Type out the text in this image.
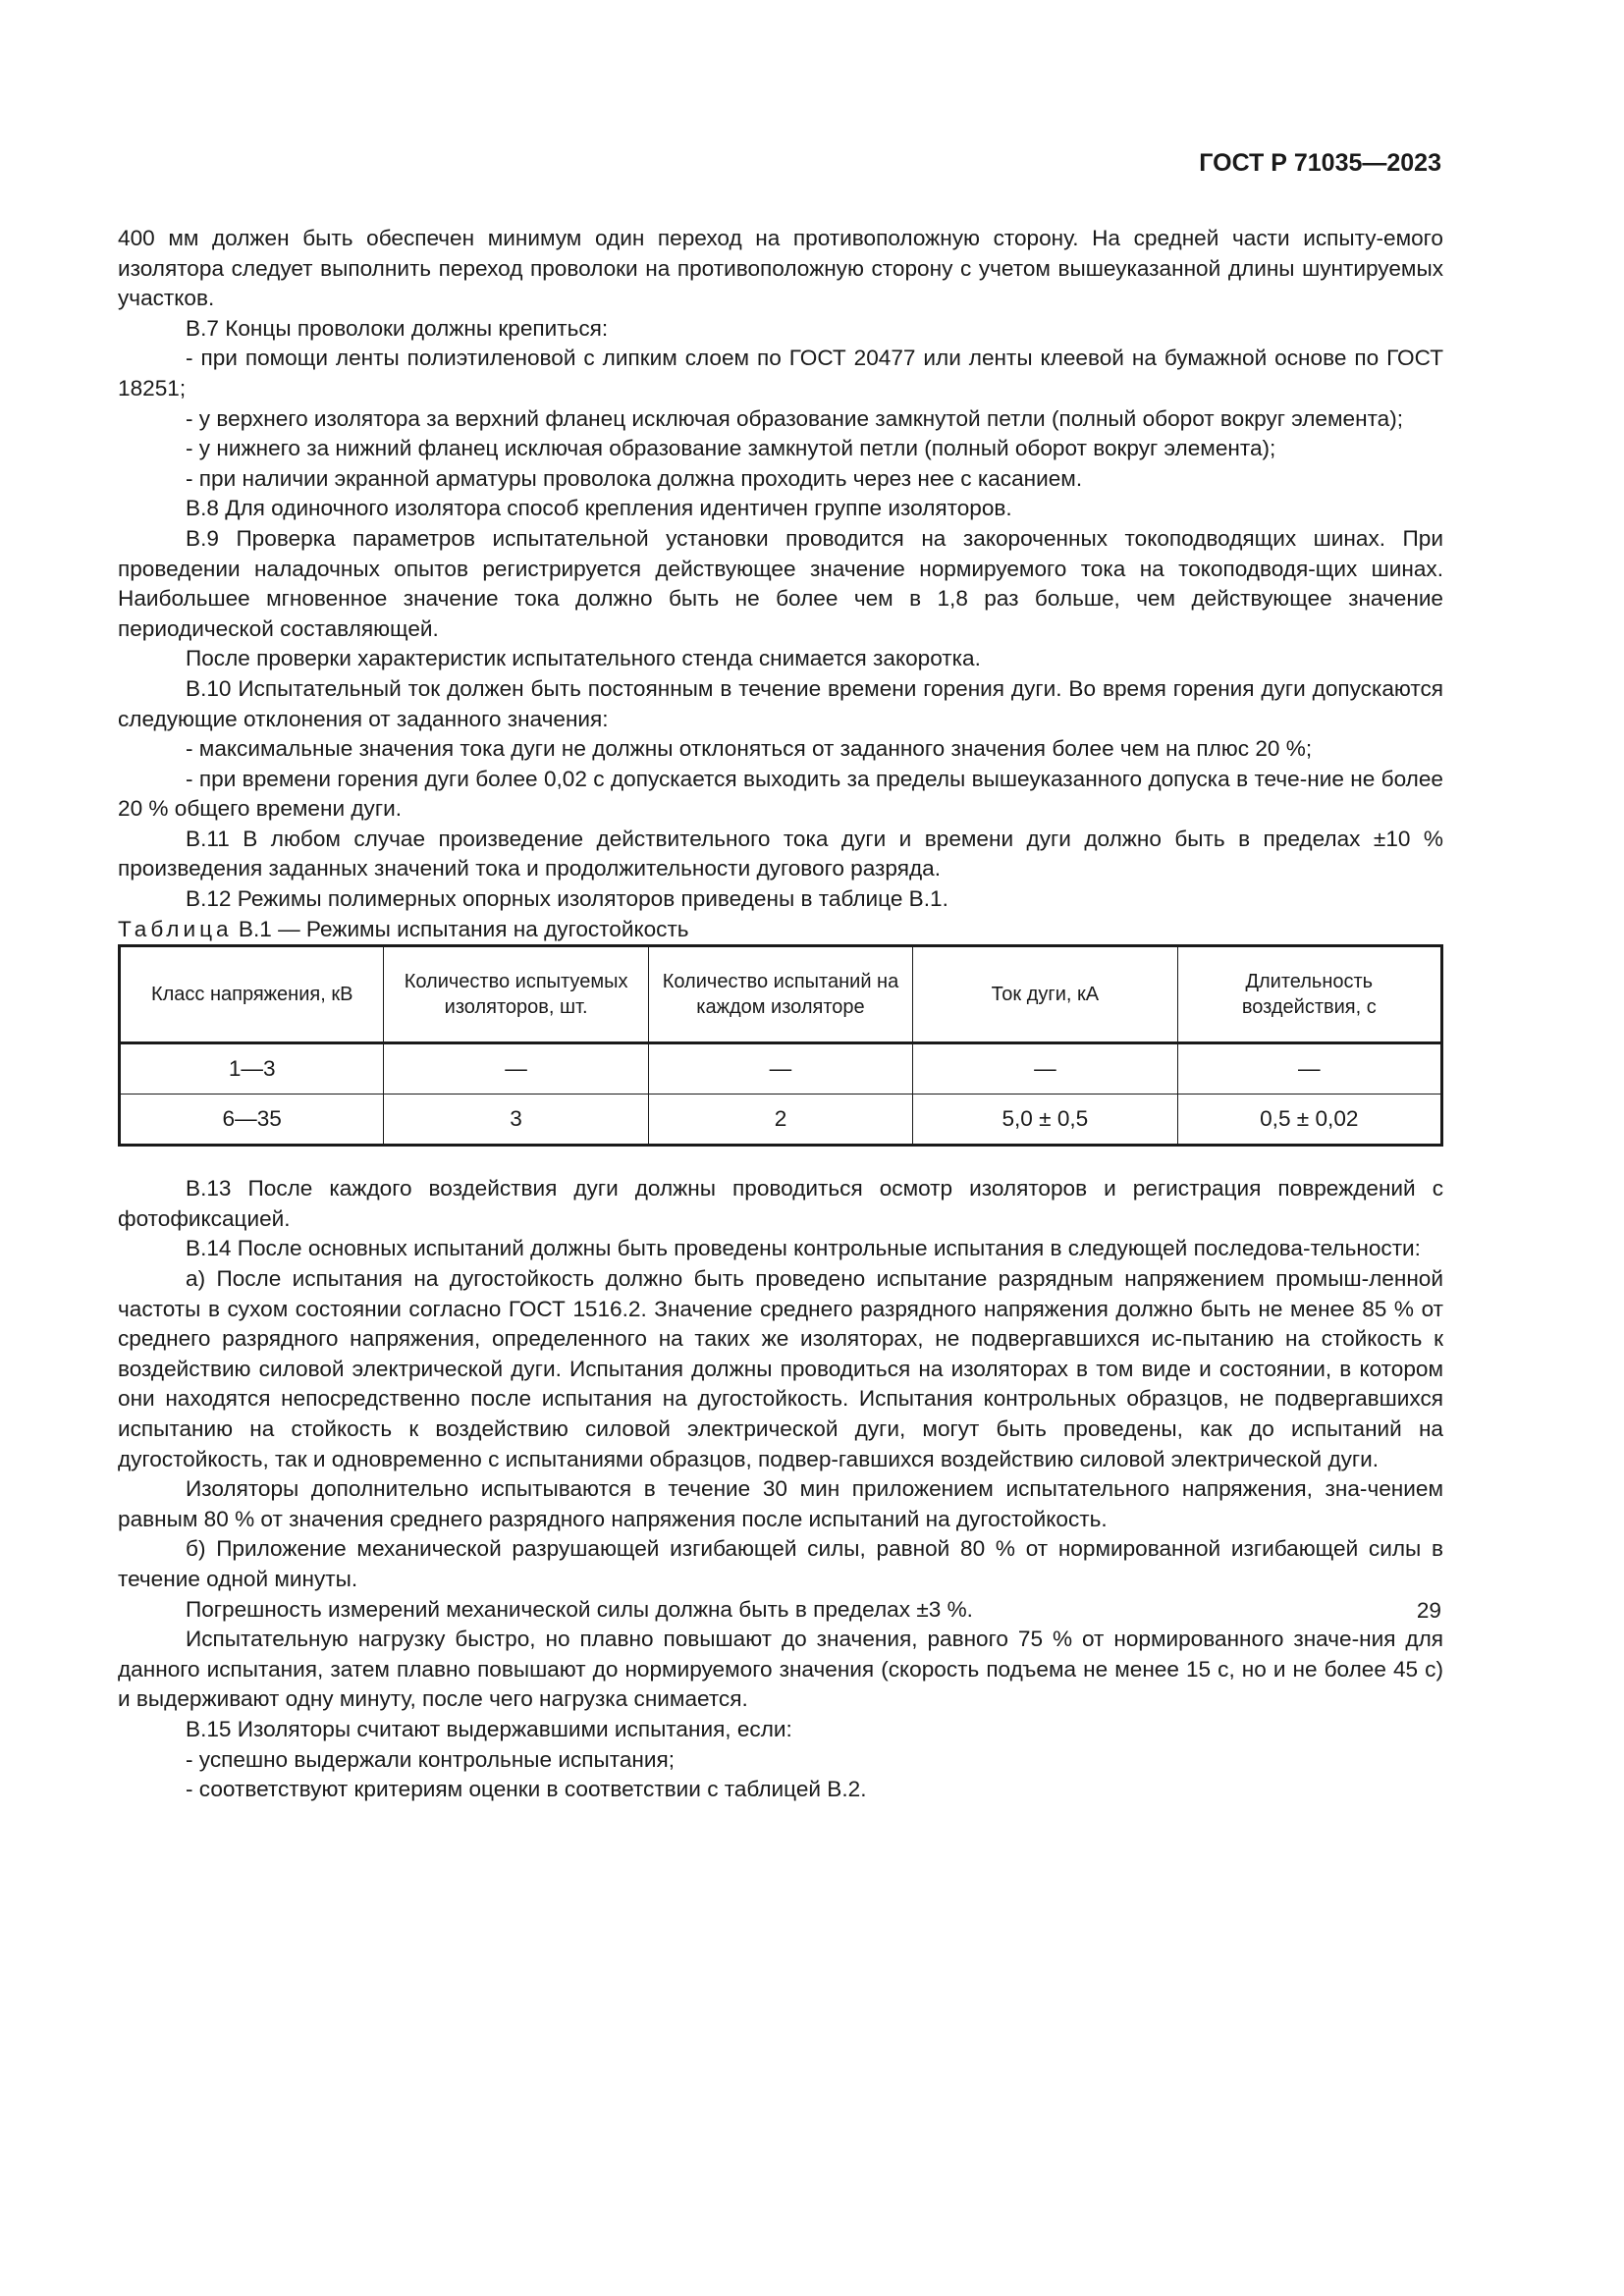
ГОСТ Р 71035—2023

400 мм должен быть обеспечен минимум один переход на противоположную сторону. На средней части испыту-емого изолятора следует выполнить переход проволоки на противоположную сторону с учетом вышеуказанной длины шунтируемых участков.

В.7 Концы проволоки должны крепиться:

- при помощи ленты полиэтиленовой с липким слоем по ГОСТ 20477 или ленты клеевой на бумажной основе по ГОСТ 18251;

- у верхнего изолятора за верхний фланец исключая образование замкнутой петли (полный оборот вокруг элемента);

- у нижнего за нижний фланец исключая образование замкнутой петли (полный оборот вокруг элемента);

- при наличии экранной арматуры проволока должна проходить через нее с касанием.

В.8 Для одиночного изолятора способ крепления идентичен группе изоляторов.

В.9 Проверка параметров испытательной установки проводится на закороченных токоподводящих шинах. При проведении наладочных опытов регистрируется действующее значение нормируемого тока на токоподводя-щих шинах. Наибольшее мгновенное значение тока должно быть не более чем в 1,8 раз больше, чем действующее значение периодической составляющей.

После проверки характеристик испытательного стенда снимается закоротка.

В.10 Испытательный ток должен быть постоянным в течение времени горения дуги. Во время горения дуги допускаются следующие отклонения от заданного значения:

- максимальные значения тока дуги не должны отклоняться от заданного значения более чем на плюс 20 %;

- при времени горения дуги более 0,02 с допускается выходить за пределы вышеуказанного допуска в тече-ние не более 20 % общего времени дуги.

В.11 В любом случае произведение действительного тока дуги и времени дуги должно быть в пределах ±10 % произведения заданных значений тока и продолжительности дугового разряда.

В.12 Режимы полимерных опорных изоляторов приведены в таблице В.1.

Таблица В.1 — Режимы испытания на дугостойкость

Класс напряжения, кВ	Количество испытуемых изоляторов, шт.	Количество испытаний на каждом изоляторе	Ток дуги, кА	Длительность воздействия, с
1—3	—	—	—	—
6—35	3	2	5,0 ± 0,5	0,5 ± 0,02

В.13 После каждого воздействия дуги должны проводиться осмотр изоляторов и регистрация повреждений с фотофиксацией.

В.14 После основных испытаний должны быть проведены контрольные испытания в следующей последова-тельности:

а) После испытания на дугостойкость должно быть проведено испытание разрядным напряжением промыш-ленной частоты в сухом состоянии согласно ГОСТ 1516.2. Значение среднего разрядного напряжения должно быть не менее 85 % от среднего разрядного напряжения, определенного на таких же изоляторах, не подвергавшихся ис-пытанию на стойкость к воздействию силовой электрической дуги. Испытания должны проводиться на изоляторах в том виде и состоянии, в котором они находятся непосредственно после испытания на дугостойкость. Испытания контрольных образцов, не подвергавшихся испытанию на стойкость к воздействию силовой электрической дуги, могут быть проведены, как до испытаний на дугостойкость, так и одновременно с испытаниями образцов, подвер-гавшихся воздействию силовой электрической дуги.

Изоляторы дополнительно испытываются в течение 30 мин приложением испытательного напряжения, зна-чением равным 80 % от значения среднего разрядного напряжения после испытаний на дугостойкость.

б) Приложение механической разрушающей изгибающей силы, равной 80 % от нормированной изгибающей силы в течение одной минуты.

Погрешность измерений механической силы должна быть в пределах ±3 %.

Испытательную нагрузку быстро, но плавно повышают до значения, равного 75 % от нормированного значе-ния для данного испытания, затем плавно повышают до нормируемого значения (скорость подъема не менее 15 с, но и не более 45 с) и выдерживают одну минуту, после чего нагрузка снимается.

В.15 Изоляторы считают выдержавшими испытания, если:

- успешно выдержали контрольные испытания;

- соответствуют критериям оценки в соответствии с таблицей В.2.

29
